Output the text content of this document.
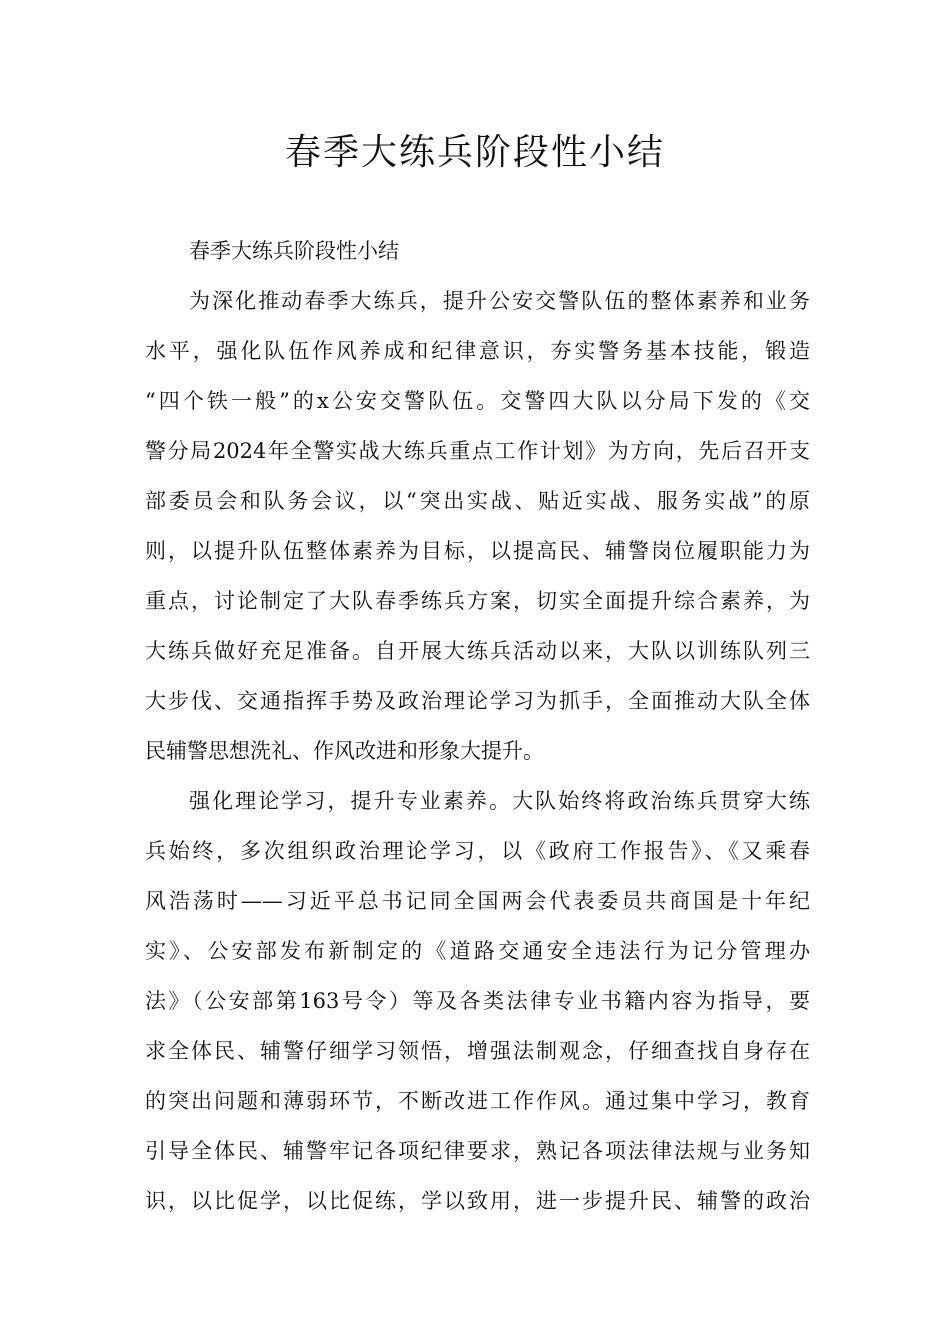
春季大练兵阶段性小结
春季大练兵阶段性小结
为深化推动春季大练兵，提升公安交警队伍的整体素养和业务
水平，强化队伍作风养成和纪律意识，夯实警务基本技能，锻造
“四个铁一般”的x公安交警队伍。交警四大队以分局下发的《交
警分局2024年全警实战大练兵重点工作计划》为方向，先后召开支
部委员会和队务会议，以“突出实战、贴近实战、服务实战”的原
则，以提升队伍整体素养为目标，以提高民、辅警岗位履职能力为
重点，讨论制定了大队春季练兵方案，切实全面提升综合素养，为
大练兵做好充足准备。自开展大练兵活动以来，大队以训练队列三
大步伐、交通指挥手势及政治理论学习为抓手，全面推动大队全体
民辅警思想洗礼、作风改进和形象大提升。
强化理论学习，提升专业素养。大队始终将政治练兵贯穿大练
兵始终，多次组织政治理论学习，以《政府工作报告》、《又乘春
风浩荡时——习近平总书记同全国两会代表委员共商国是十年纪
实》、公安部发布新制定的《道路交通安全违法行为记分管理办
法》（公安部第163号令）等及各类法律专业书籍内容为指导，要
求全体民、辅警仔细学习领悟，增强法制观念，仔细查找自身存在
的突出问题和薄弱环节，不断改进工作作风。通过集中学习，教育
引导全体民、辅警牢记各项纪律要求，熟记各项法律法规与业务知
识，以比促学，以比促练，学以致用，进一步提升民、辅警的政治
